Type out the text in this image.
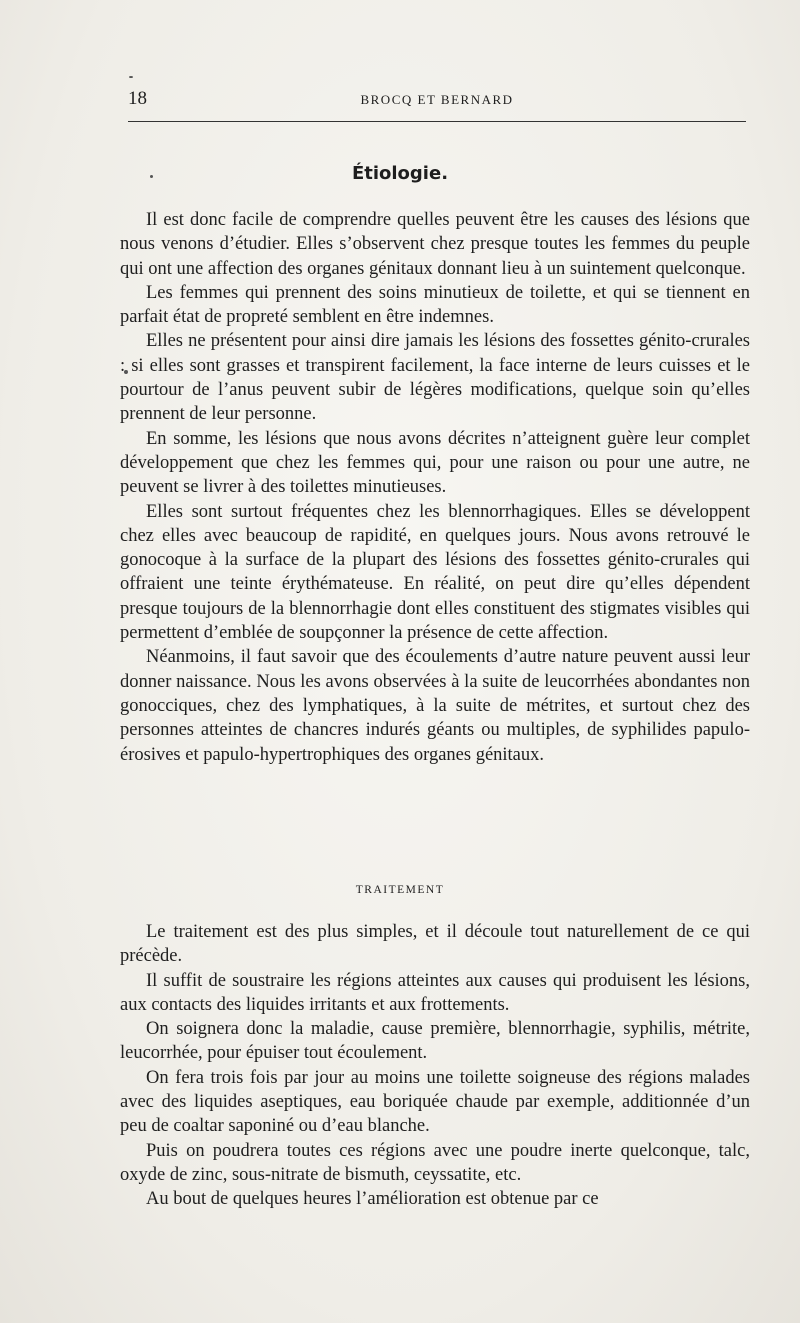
18	BROCQ ET BERNARD
Étiologie.

Il est donc facile de comprendre quelles peuvent être les causes des lésions que nous venons d’étudier. Elles s’observent chez presque toutes les femmes du peuple qui ont une affection des organes génitaux donnant lieu à un suintement quelconque.

Les femmes qui prennent des soins minutieux de toilette, et qui se tiennent en parfait état de propreté semblent en être indemnes.

Elles ne présentent pour ainsi dire jamais les lésions des fossettes génito-crurales : si elles sont grasses et transpirent facilement, la face interne de leurs cuisses et le pourtour de l’anus peuvent subir de légères modifications, quelque soin qu’elles prennent de leur personne.

En somme, les lésions que nous avons décrites n’atteignent guère leur complet développement que chez les femmes qui, pour une raison ou pour une autre, ne peuvent se livrer à des toilettes minutieuses.

Elles sont surtout fréquentes chez les blennorrhagiques. Elles se développent chez elles avec beaucoup de rapidité, en quelques jours. Nous avons retrouvé le gonocoque à la surface de la plupart des lésions des fossettes génito-crurales qui offraient une teinte érythémateuse. En réalité, on peut dire qu’elles dépendent presque toujours de la blennorrhagie dont elles constituent des stigmates visibles qui permettent d’emblée de soupçonner la présence de cette affection.

Néanmoins, il faut savoir que des écoulements d’autre nature peuvent aussi leur donner naissance. Nous les avons observées à la suite de leucorrhées abondantes non gonocciques, chez des lymphatiques, à la suite de métrites, et surtout chez des personnes atteintes de chancres indurés géants ou multiples, de syphilides papulo-érosives et papulo-hypertrophiques des organes génitaux.

TRAITEMENT

Le traitement est des plus simples, et il découle tout naturellement de ce qui précède.

Il suffit de soustraire les régions atteintes aux causes qui produisent les lésions, aux contacts des liquides irritants et aux frottements.

On soignera donc la maladie, cause première, blennorrhagie, syphilis, métrite, leucorrhée, pour épuiser tout écoulement.

On fera trois fois par jour au moins une toilette soigneuse des régions malades avec des liquides aseptiques, eau boriquée chaude par exemple, additionnée d’un peu de coaltar saponiné ou d’eau blanche.

Puis on poudrera toutes ces régions avec une poudre inerte quelconque, talc, oxyde de zinc, sous-nitrate de bismuth, ceyssatite, etc.

Au bout de quelques heures l’amélioration est obtenue par ce
